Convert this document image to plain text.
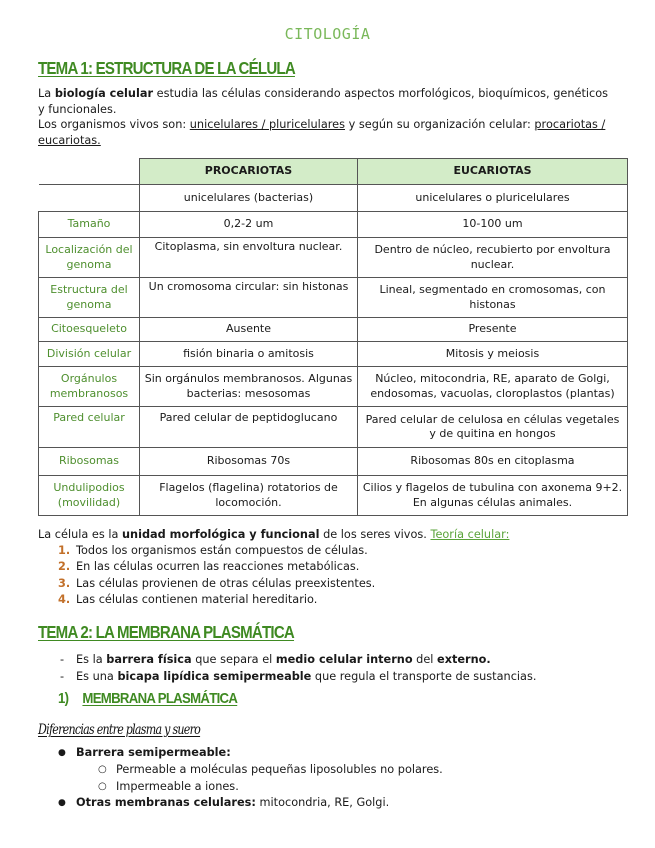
CITOLOGÍA
TEMA 1: ESTRUCTURA DE LA CÉLULA

La biología celular estudia las células considerando aspectos morfológicos, bioquímicos, genéticos y funcionales.

Los organismos vivos son: unicelulares / pluricelulares y según su organización celular: procariotas / eucariotas.

	PROCARIOTAS	EUCARIOTAS
	unicelulares (bacterias)	unicelulares o pluricelulares
Tamaño	0,2-2 um	10-100 um
Localización del genoma	Citoplasma, sin envoltura nuclear.	Dentro de núcleo, recubierto por envoltura nuclear.
Estructura del genoma	Un cromosoma circular: sin histonas	Lineal, segmentado en cromosomas, con histonas
Citoesqueleto	Ausente	Presente
División celular	fisión binaria o amitosis	Mitosis y meiosis
Orgánulos membranosos	Sin orgánulos membranosos. Algunas bacterias: mesosomas	Núcleo, mitocondria, RE, aparato de Golgi, endosomas, vacuolas, cloroplastos (plantas)
Pared celular	Pared celular de peptidoglucano	Pared celular de celulosa en células vegetales y de quitina en hongos
Ribosomas	Ribosomas 70s	Ribosomas 80s en citoplasma
Undulipodios (movilidad)	Flagelos (flagelina) rotatorios de locomoción.	Cilios y flagelos de tubulina con axonema 9+2. En algunas células animales.

La célula es la unidad morfológica y funcional de los seres vivos. Teoría celular:

1. Todos los organismos están compuestos de células.
2. En las células ocurren las reacciones metabólicas.
3. Las células provienen de otras células preexistentes.
4. Las células contienen material hereditario.
TEMA 2: LA MEMBRANA PLASMÁTICA
- Es la barrera física que separa el medio celular interno del externo.
- Es una bicapa lipídica semipermeable que regula el transporte de sustancias.
1) MEMBRANA PLASMÁTICA
Diferencias entre plasma y suero
● Barrera semipermeable:
○ Permeable a moléculas pequeñas liposolubles no polares.
○ Impermeable a iones.
● Otras membranas celulares: mitocondria, RE, Golgi.
